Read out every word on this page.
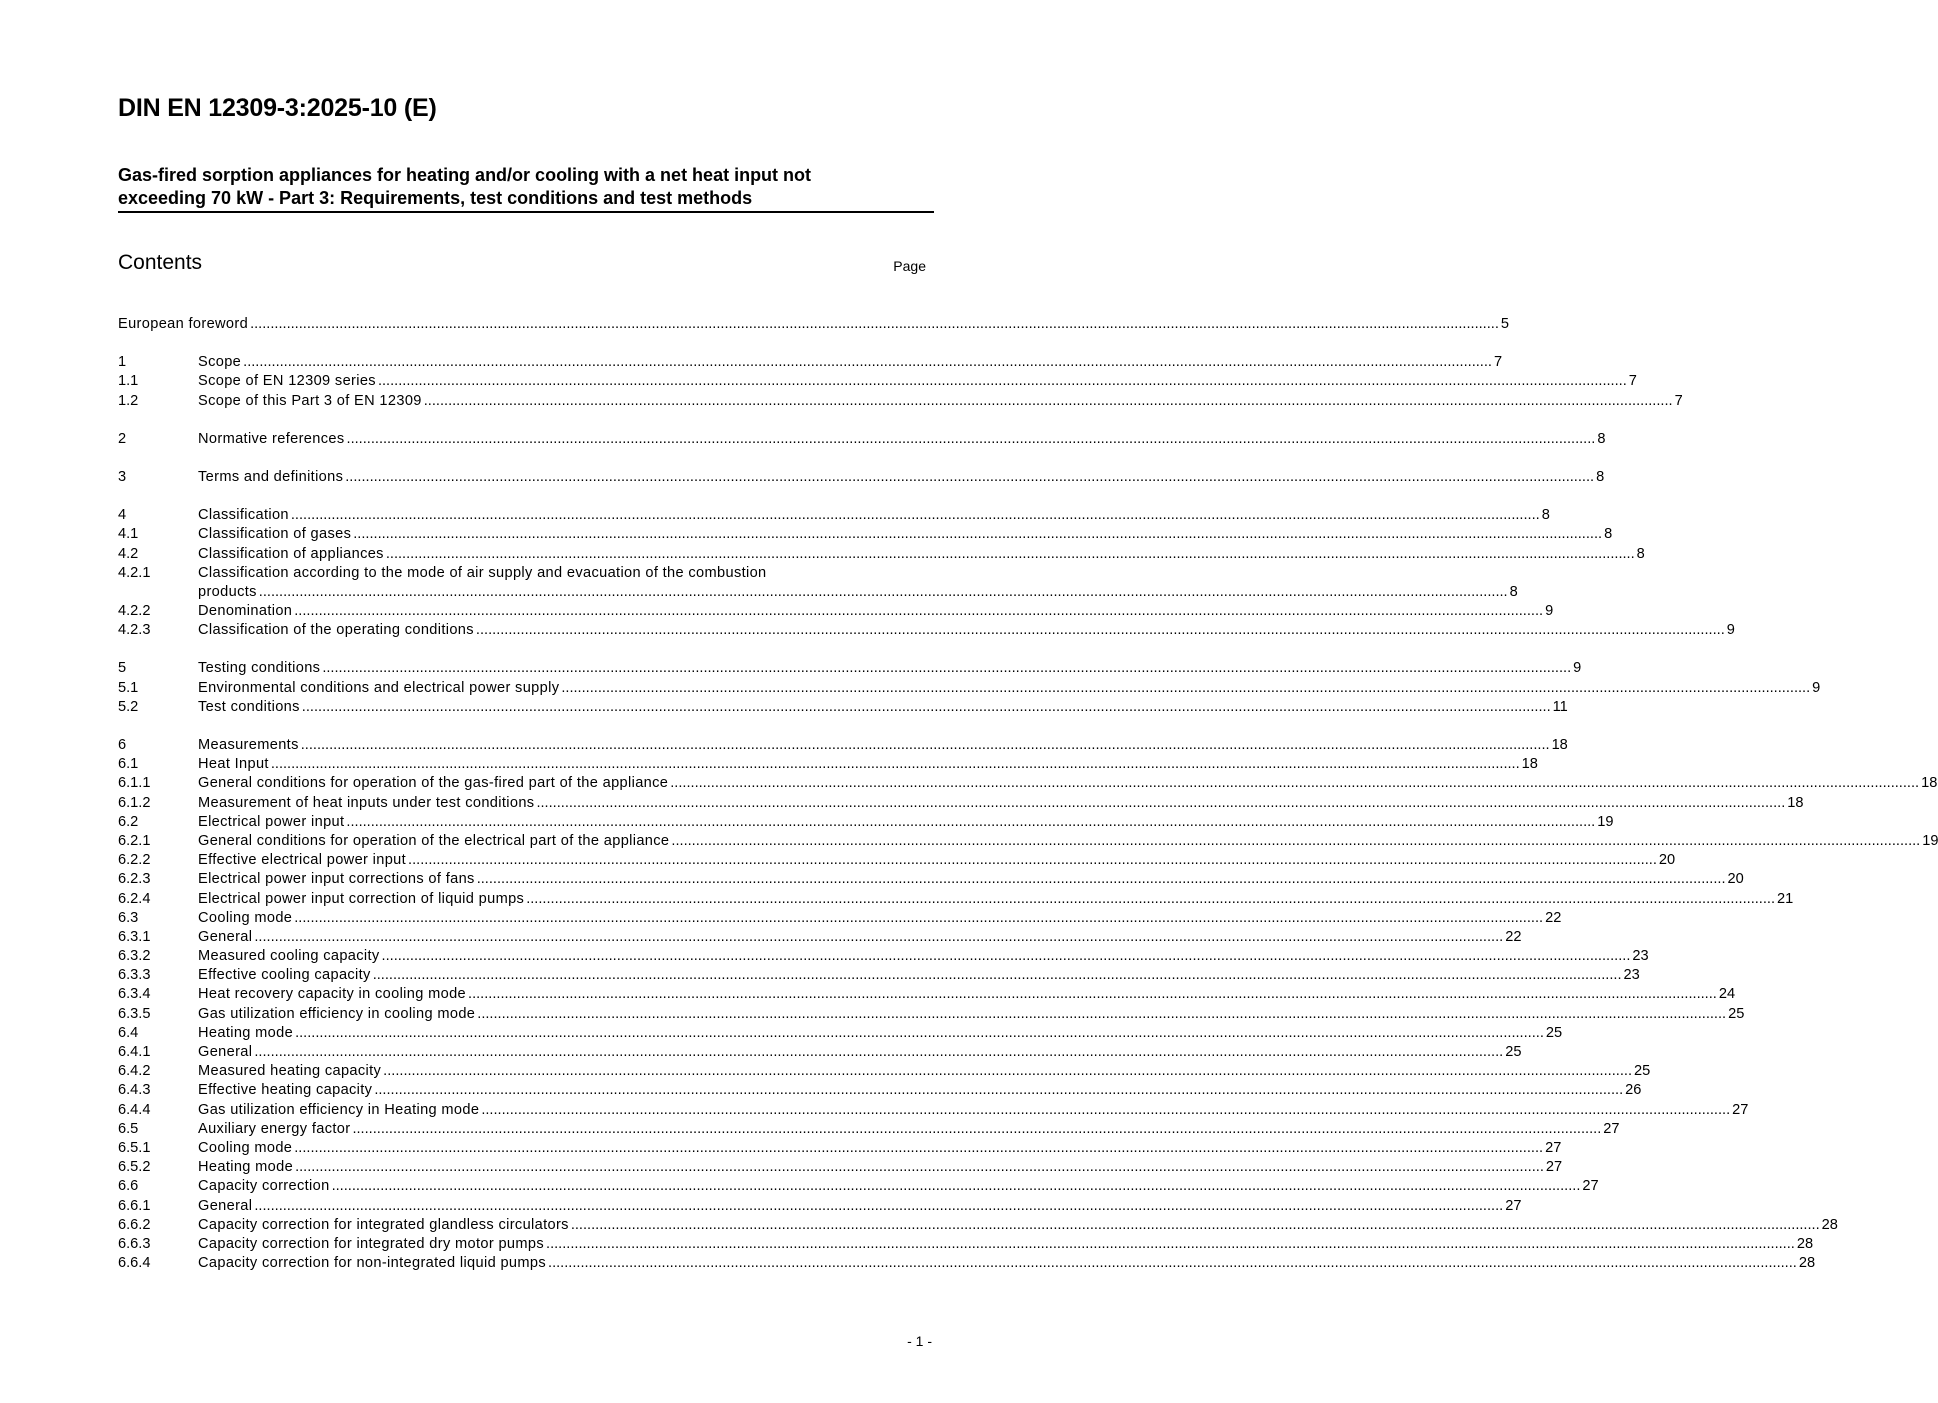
DIN EN 12309-3:2025-10 (E)
Gas-fired sorption appliances for heating and/or cooling with a net heat input not
exceeding 70 kW - Part 3: Requirements, test conditions and test methods
Contents	Page
European foreword .....	5
1	Scope .....	7
1.1	Scope of EN 12309 series .....	7
1.2	Scope of this Part 3 of EN 12309 .....	7
2	Normative references .....	8
3	Terms and definitions .....	8
4	Classification .....	8
4.1	Classification of gases .....	8
4.2	Classification of appliances .....	8
4.2.1	Classification according to the mode of air supply and evacuation of the combustion
products .....	8
4.2.2	Denomination .....	9
4.2.3	Classification of the operating conditions .....	9
5	Testing conditions .....	9
5.1	Environmental conditions and electrical power supply .....	9
5.2	Test conditions .....	11
6	Measurements .....	18
6.1	Heat Input .....	18
6.1.1	General conditions for operation of the gas-fired part of the appliance .....	18
6.1.2	Measurement of heat inputs under test conditions .....	18
6.2	Electrical power input .....	19
6.2.1	General conditions for operation of the electrical part of the appliance .....	19
6.2.2	Effective electrical power input .....	20
6.2.3	Electrical power input corrections of fans .....	20
6.2.4	Electrical power input correction of liquid pumps .....	21
6.3	Cooling mode .....	22
6.3.1	General .....	22
6.3.2	Measured cooling capacity .....	23
6.3.3	Effective cooling capacity .....	23
6.3.4	Heat recovery capacity in cooling mode .....	24
6.3.5	Gas utilization efficiency in cooling mode .....	25
6.4	Heating mode .....	25
6.4.1	General .....	25
6.4.2	Measured heating capacity .....	25
6.4.3	Effective heating capacity .....	26
6.4.4	Gas utilization efficiency in Heating mode .....	27
6.5	Auxiliary energy factor .....	27
6.5.1	Cooling mode .....	27
6.5.2	Heating mode .....	27
6.6	Capacity correction .....	27
6.6.1	General .....	27
6.6.2	Capacity correction for integrated glandless circulators .....	28
6.6.3	Capacity correction for integrated dry motor pumps .....	28
6.6.4	Capacity correction for non-integrated liquid pumps .....	28
- 1 -
